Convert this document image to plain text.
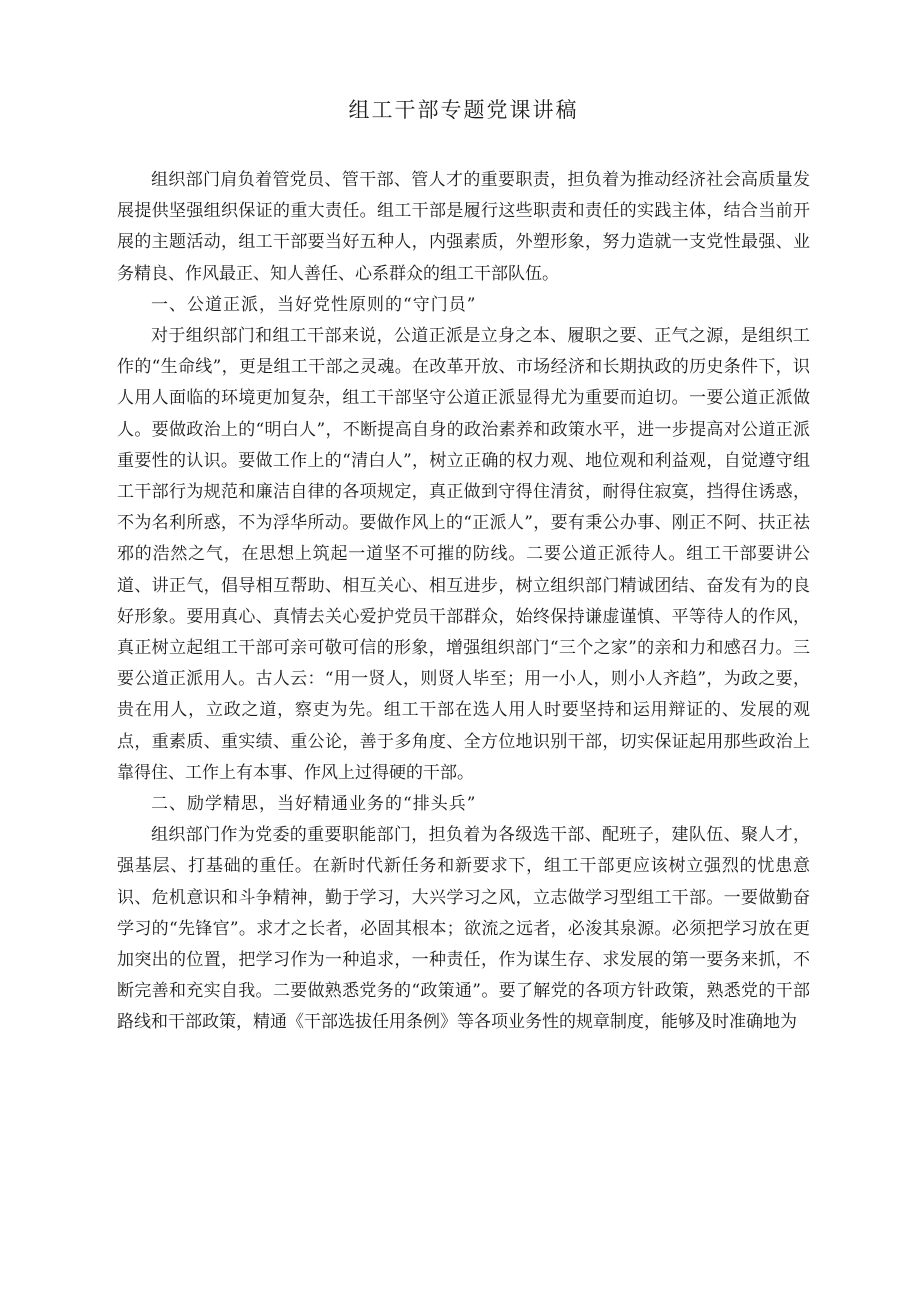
组工干部专题党课讲稿

组织部门肩负着管党员、管干部、管人才的重要职责，担负着为推动经济社会高质量发展提供坚强组织保证的重大责任。组工干部是履行这些职责和责任的实践主体，结合当前开展的主题活动，组工干部要当好五种人，内强素质，外塑形象，努力造就一支党性最强、业务精良、作风最正、知人善任、心系群众的组工干部队伍。

一、公道正派，当好党性原则的“守门员”

对于组织部门和组工干部来说，公道正派是立身之本、履职之要、正气之源，是组织工作的“生命线”，更是组工干部之灵魂。在改革开放、市场经济和长期执政的历史条件下，识人用人面临的环境更加复杂，组工干部坚守公道正派显得尤为重要而迫切。一要公道正派做人。要做政治上的“明白人”，不断提高自身的政治素养和政策水平，进一步提高对公道正派重要性的认识。要做工作上的“清白人”，树立正确的权力观、地位观和利益观，自觉遵守组工干部行为规范和廉洁自律的各项规定，真正做到守得住清贫，耐得住寂寞，挡得住诱惑，不为名利所惑，不为浮华所动。要做作风上的“正派人”，要有秉公办事、刚正不阿、扶正祛邪的浩然之气，在思想上筑起一道坚不可摧的防线。二要公道正派待人。组工干部要讲公道、讲正气，倡导相互帮助、相互关心、相互进步，树立组织部门精诚团结、奋发有为的良好形象。要用真心、真情去关心爱护党员干部群众，始终保持谦虚谨慎、平等待人的作风，真正树立起组工干部可亲可敬可信的形象，增强组织部门“三个之家”的亲和力和感召力。三要公道正派用人。古人云：“用一贤人，则贤人毕至；用一小人，则小人齐趋”，为政之要，贵在用人，立政之道，察吏为先。组工干部在选人用人时要坚持和运用辩证的、发展的观点，重素质、重实绩、重公论，善于多角度、全方位地识别干部，切实保证起用那些政治上靠得住、工作上有本事、作风上过得硬的干部。

二、励学精思，当好精通业务的“排头兵”

组织部门作为党委的重要职能部门，担负着为各级选干部、配班子，建队伍、聚人才，强基层、打基础的重任。在新时代新任务和新要求下，组工干部更应该树立强烈的忧患意识、危机意识和斗争精神，勤于学习，大兴学习之风，立志做学习型组工干部。一要做勤奋学习的“先锋官”。求才之长者，必固其根本；欲流之远者，必浚其泉源。必须把学习放在更加突出的位置，把学习作为一种追求，一种责任，作为谋生存、求发展的第一要务来抓，不断完善和充实自我。二要做熟悉党务的“政策通”。要了解党的各项方针政策，熟悉党的干部路线和干部政策，精通《干部选拔任用条例》等各项业务性的规章制度，能够及时准确地为
